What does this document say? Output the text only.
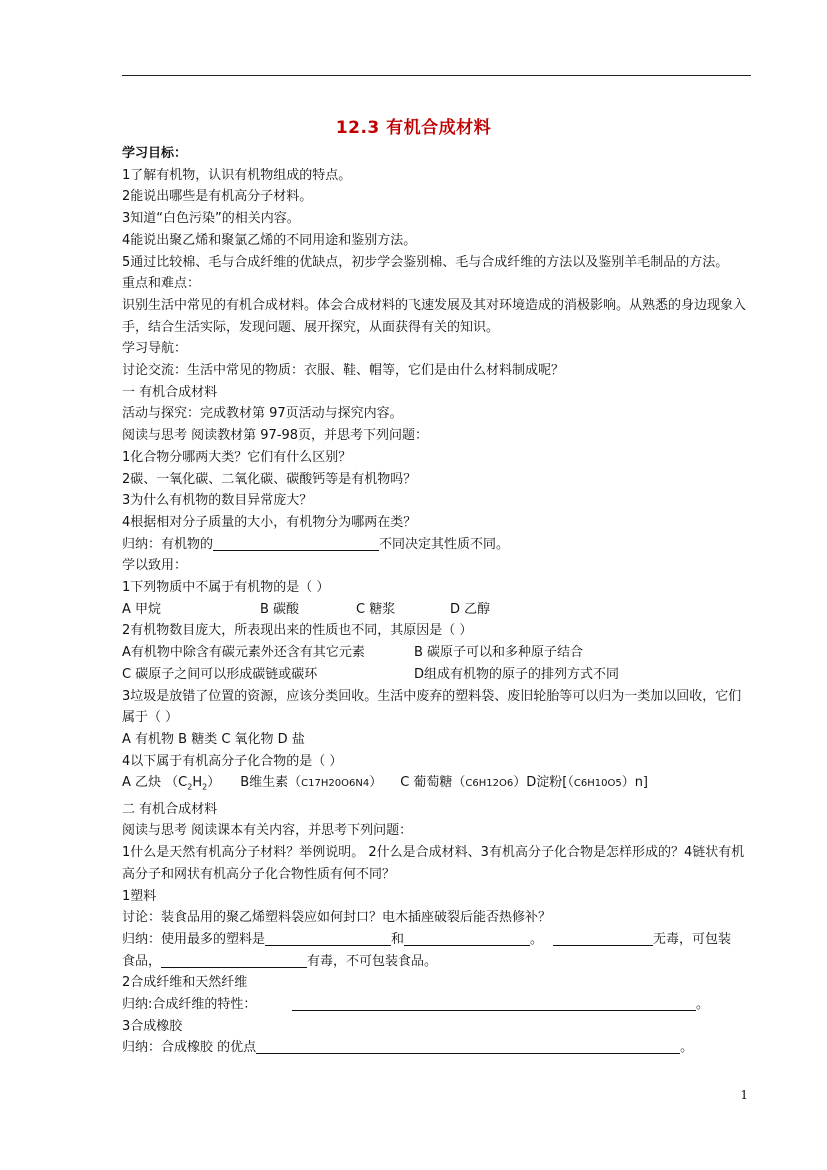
12.3 有机合成材料
学习目标：
1了解有机物，认识有机物组成的特点。
2能说出哪些是有机高分子材料。
3知道“白色污染”的相关内容。
4能说出聚乙烯和聚氯乙烯的不同用途和鉴别方法。
5通过比较棉、毛与合成纤维的优缺点，初步学会鉴别棉、毛与合成纤维的方法以及鉴别羊毛制品的方法。
重点和难点：
识别生活中常见的有机合成材料。体会合成材料的飞速发展及其对环境造成的消极影响。从熟悉的身边现象入手，结合生活实际，发现问题、展开探究，从面获得有关的知识。
学习导航：
讨论交流：生活中常见的物质：衣服、鞋、帽等，它们是由什么材料制成呢？
一 有机合成材料
活动与探究：完成教材第 97页活动与探究内容。
阅读与思考 阅读教材第 97-98页，并思考下列问题：
1化合物分哪两大类？它们有什么区别？
2碳、一氧化碳、二氧化碳、碳酸钙等是有机物吗？
3为什么有机物的数目异常庞大？
4根据相对分子质量的大小，有机物分为哪两在类？
归纳：有机物的	不同决定其性质不同。
学以致用：
1下列物质中不属于有机物的是（ ）
A 甲烷	B 碳酸	C 糖浆	D 乙醇
2有机物数目庞大，所表现出来的性质也不同，其原因是（ ）
A有机物中除含有碳元素外还含有其它元素	B 碳原子可以和多种原子结合
C 碳原子之间可以形成碳链或碳环	D组成有机物的原子的排列方式不同
3垃圾是放错了位置的资源，应该分类回收。生活中废弃的塑料袋、废旧轮胎等可以归为一类加以回收，它们属于（ ）
A 有机物 B 糖类 C 氧化物 D 盐
4以下属于有机高分子化合物的是（ ）
A 乙炔 $(C_2H_2)$ B维生素（C17H20O6N4） C 葡萄糖（C6H12O6）D淀粉[（C6H10O5）n]
二 有机合成材料
阅读与思考 阅读课本有关内容，并思考下列问题：
1什么是天然有机高分子材料？举例说明。 2什么是合成材料、3有机高分子化合物是怎样形成的？4链状有机高分子和网状有机高分子化合物性质有何不同？
1塑料
讨论：装食品用的聚乙烯塑料袋应如何封口？电木插座破裂后能否热修补？
归纳：使用最多的塑料是	和	。	无毒，可包装
食品，	有毒，不可包装食品。
2合成纤维和天然纤维
归纳:合成纤维的特性：	。
3合成橡胶
归纳：合成橡胶 的优点	。
1
